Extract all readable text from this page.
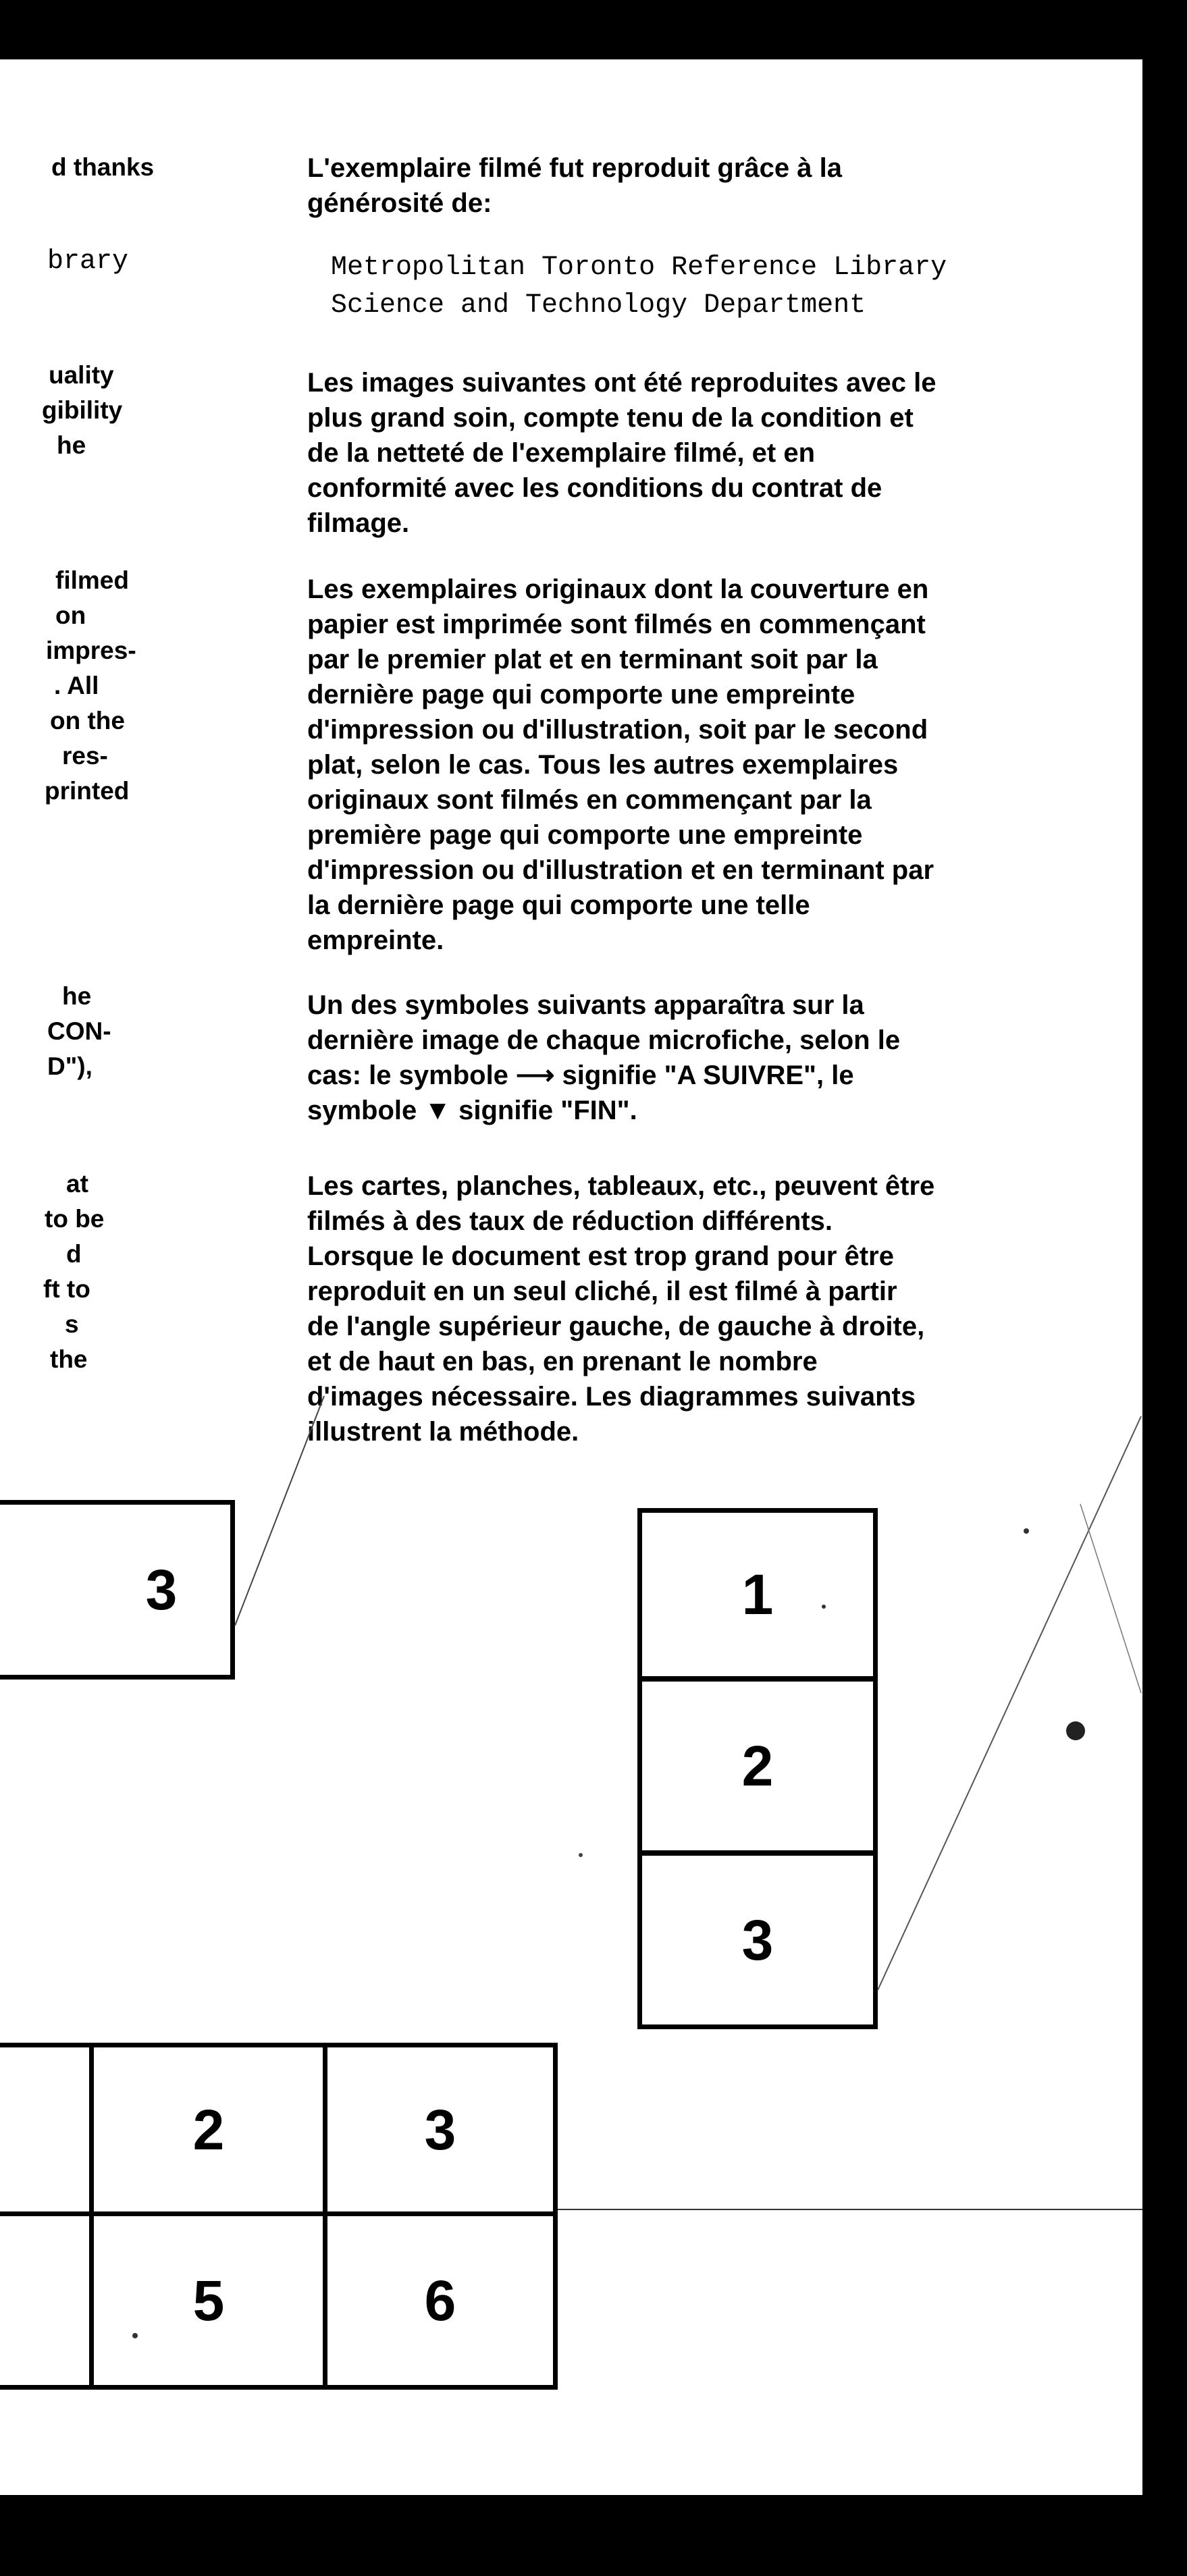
d thanks

brary

uality

gibility

he

filmed

on

impres-

. All

on the

res-

printed

he

CON-

D"),

at

to be

d

ft to

s

the

L'exemplaire filmé fut reproduit grâce à la

générosité de:

Metropolitan Toronto Reference Library

Science and Technology Department

Les images suivantes ont été reproduites avec le

plus grand soin, compte tenu de la condition et

de la netteté de l'exemplaire filmé, et en

conformité avec les conditions du contrat de

filmage.

Les exemplaires originaux dont la couverture en

papier est imprimée sont filmés en commençant

par le premier plat et en terminant soit par la

dernière page qui comporte une empreinte

d'impression ou d'illustration, soit par le second

plat, selon le cas. Tous les autres exemplaires

originaux sont filmés en commençant par la

première page qui comporte une empreinte

d'impression ou d'illustration et en terminant par

la dernière page qui comporte une telle

empreinte.

Un des symboles suivants apparaîtra sur la

dernière image de chaque microfiche, selon le

cas: le symbole ⟶ signifie "A SUIVRE", le

symbole ▼ signifie "FIN".

Les cartes, planches, tableaux, etc., peuvent être

filmés à des taux de réduction différents.

Lorsque le document est trop grand pour être

reproduit en un seul cliché, il est filmé à partir

de l'angle supérieur gauche, de gauche à droite,

et de haut en bas, en prenant le nombre

d'images nécessaire. Les diagrammes suivants

illustrent la méthode.

3	1
2
3
2	3
5	6
